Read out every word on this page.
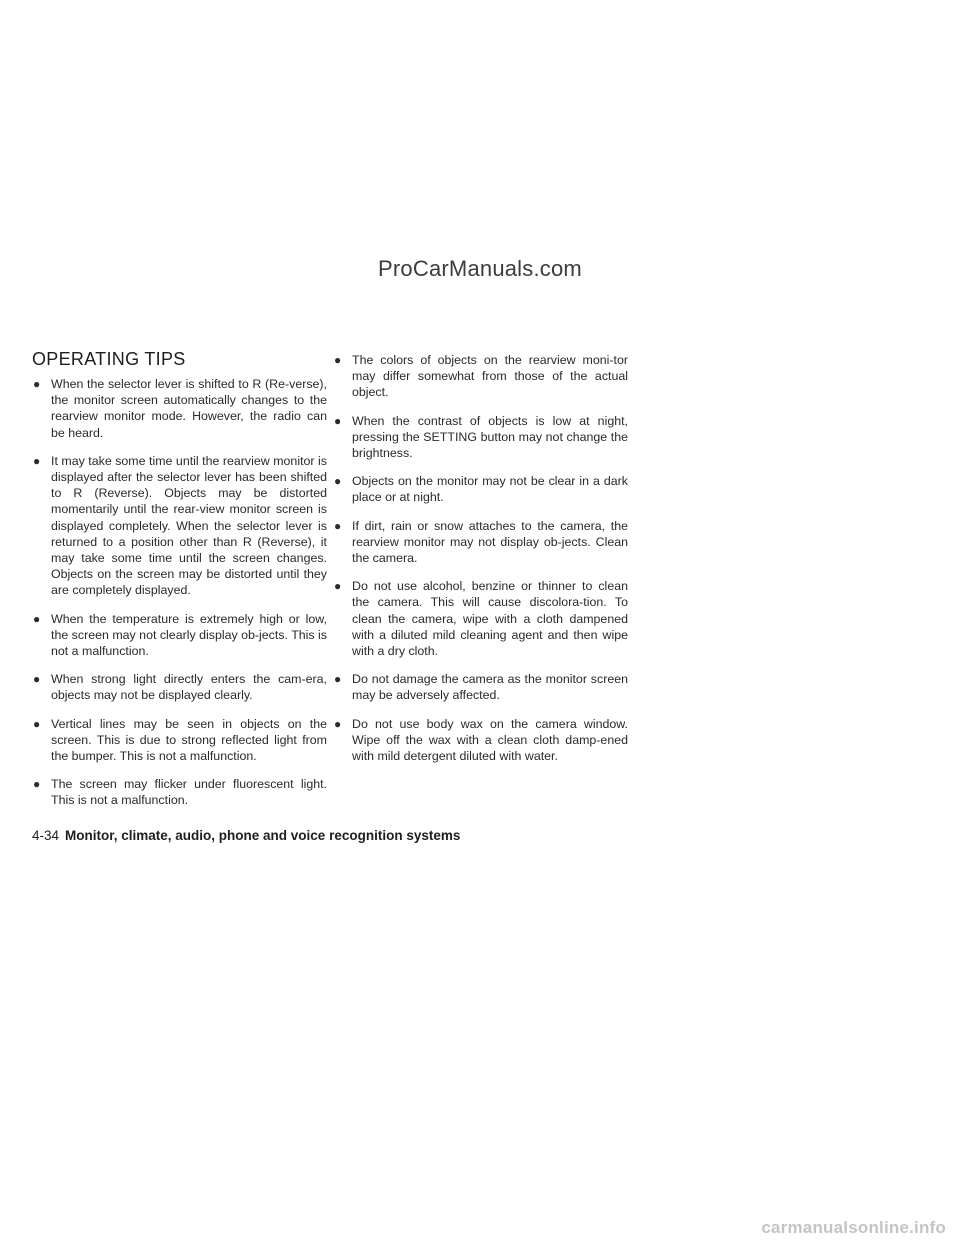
ProCarManuals.com
OPERATING TIPS

● When the selector lever is shifted to R (Re-verse), the monitor screen automatically changes to the rearview monitor mode. However, the radio can be heard.

● It may take some time until the rearview monitor is displayed after the selector lever has been shifted to R (Reverse). Objects may be distorted momentarily until the rear-view monitor screen is displayed completely. When the selector lever is returned to a position other than R (Reverse), it may take some time until the screen changes. Objects on the screen may be distorted until they are completely displayed.

● When the temperature is extremely high or low, the screen may not clearly display ob-jects. This is not a malfunction.

● When strong light directly enters the cam-era, objects may not be displayed clearly.

● Vertical lines may be seen in objects on the screen. This is due to strong reflected light from the bumper. This is not a malfunction.

● The screen may flicker under fluorescent light. This is not a malfunction.

● The colors of objects on the rearview moni-tor may differ somewhat from those of the actual object.

● When the contrast of objects is low at night, pressing the SETTING button may not change the brightness.

● Objects on the monitor may not be clear in a dark place or at night.

● If dirt, rain or snow attaches to the camera, the rearview monitor may not display ob-jects. Clean the camera.

● Do not use alcohol, benzine or thinner to clean the camera. This will cause discolora-tion. To clean the camera, wipe with a cloth dampened with a diluted mild cleaning agent and then wipe with a dry cloth.

● Do not damage the camera as the monitor screen may be adversely affected.

● Do not use body wax on the camera window. Wipe off the wax with a clean cloth damp-ened with mild detergent diluted with water.

4-34 Monitor, climate, audio, phone and voice recognition systems
carmanualsonline.info
